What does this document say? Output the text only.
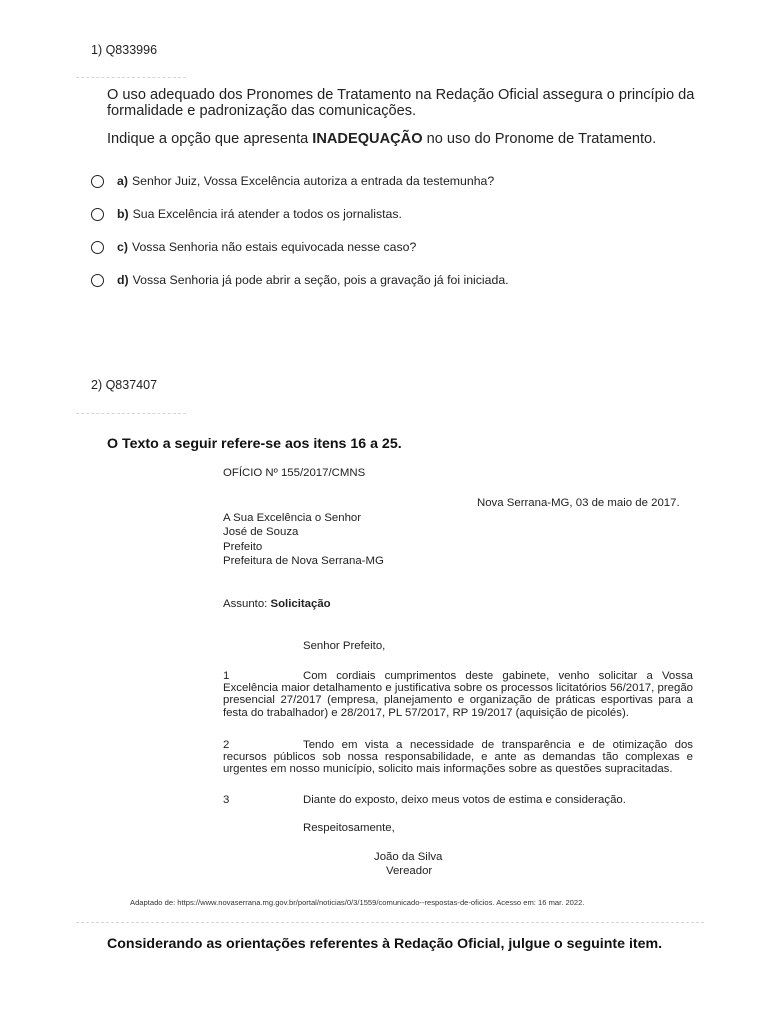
1) Q833996
O uso adequado dos Pronomes de Tratamento na Redação Oficial assegura o princípio da formalidade e padronização das comunicações.
Indique a opção que apresenta INADEQUAÇÃO no uso do Pronome de Tratamento.
a) Senhor Juiz, Vossa Excelência autoriza a entrada da testemunha?
b) Sua Excelência irá atender a todos os jornalistas.
c) Vossa Senhoria não estais equivocada nesse caso?
d) Vossa Senhoria já pode abrir a seção, pois a gravação já foi iniciada.
2) Q837407
O Texto a seguir refere-se aos itens 16 a 25.
OFÍCIO Nº 155/2017/CMNS
Nova Serrana-MG, 03 de maio de 2017.
A Sua Excelência o Senhor
José de Souza
Prefeito
Prefeitura de Nova Serrana-MG
Assunto: Solicitação
Senhor Prefeito,
1	Com cordiais cumprimentos deste gabinete, venho solicitar a Vossa Excelência maior detalhamento e justificativa sobre os processos licitatórios 56/2017, pregão presencial 27/2017 (empresa, planejamento e organização de práticas esportivas para a festa do trabalhador) e 28/2017, PL 57/2017, RP 19/2017 (aquisição de picolés).
2	Tendo em vista a necessidade de transparência e de otimização dos recursos públicos sob nossa responsabilidade, e ante as demandas tão complexas e urgentes em nosso município, solicito mais informações sobre as questões supracitadas.
3	Diante do exposto, deixo meus votos de estima e consideração.
Respeitosamente,
João da Silva
Vereador
Adaptado de: https://www.novaserrana.mg.gov.br/portal/noticias/0/3/1559/comunicado--respostas-de-oficios. Acesso em: 16 mar. 2022.
Considerando as orientações referentes à Redação Oficial, julgue o seguinte item.
